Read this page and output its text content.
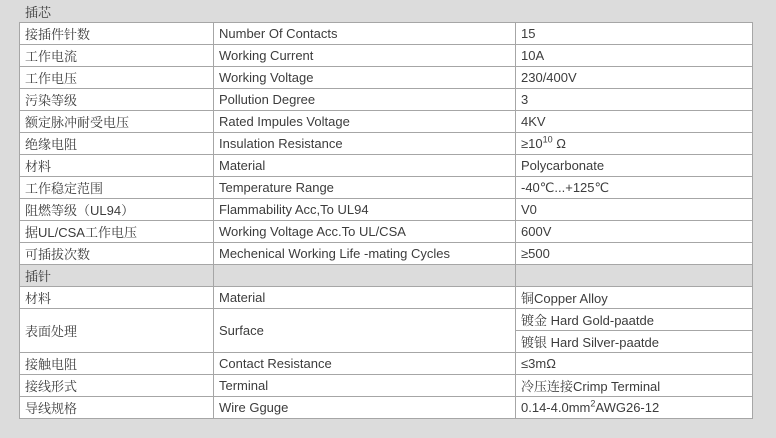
插芯
接插件针数	Number Of Contacts	15
工作电流	Working Current	10A
工作电压	Working Voltage	230/400V
污染等级	Pollution Degree	3
额定脉冲耐受电压	Rated Impules Voltage	4KV
绝缘电阻	Insulation Resistance	$\ge 10^{10}$ Ω
材料	Material	Polycarbonate
工作稳定范围	Temperature Range	-40℃...+125℃
阻燃等级（UL94）	Flammability Acc,To UL94	V0
据UL/CSA工作电压	Working Voltage Acc.To UL/CSA	600V
可插拔次数	Mechenical Working Life -mating Cycles	≥500
插针		
材料	Material	铜Copper Alloy
表面处理	Surface	镀金 Hard Gold-paatde
		镀银 Hard Silver-paatde
接触电阻	Contact Resistance	≤3mΩ
接线形式	Terminal	冷压连接Crimp Terminal
导线规格	Wire Gguge	$0.14-4.0mm^2AWG26-12$
